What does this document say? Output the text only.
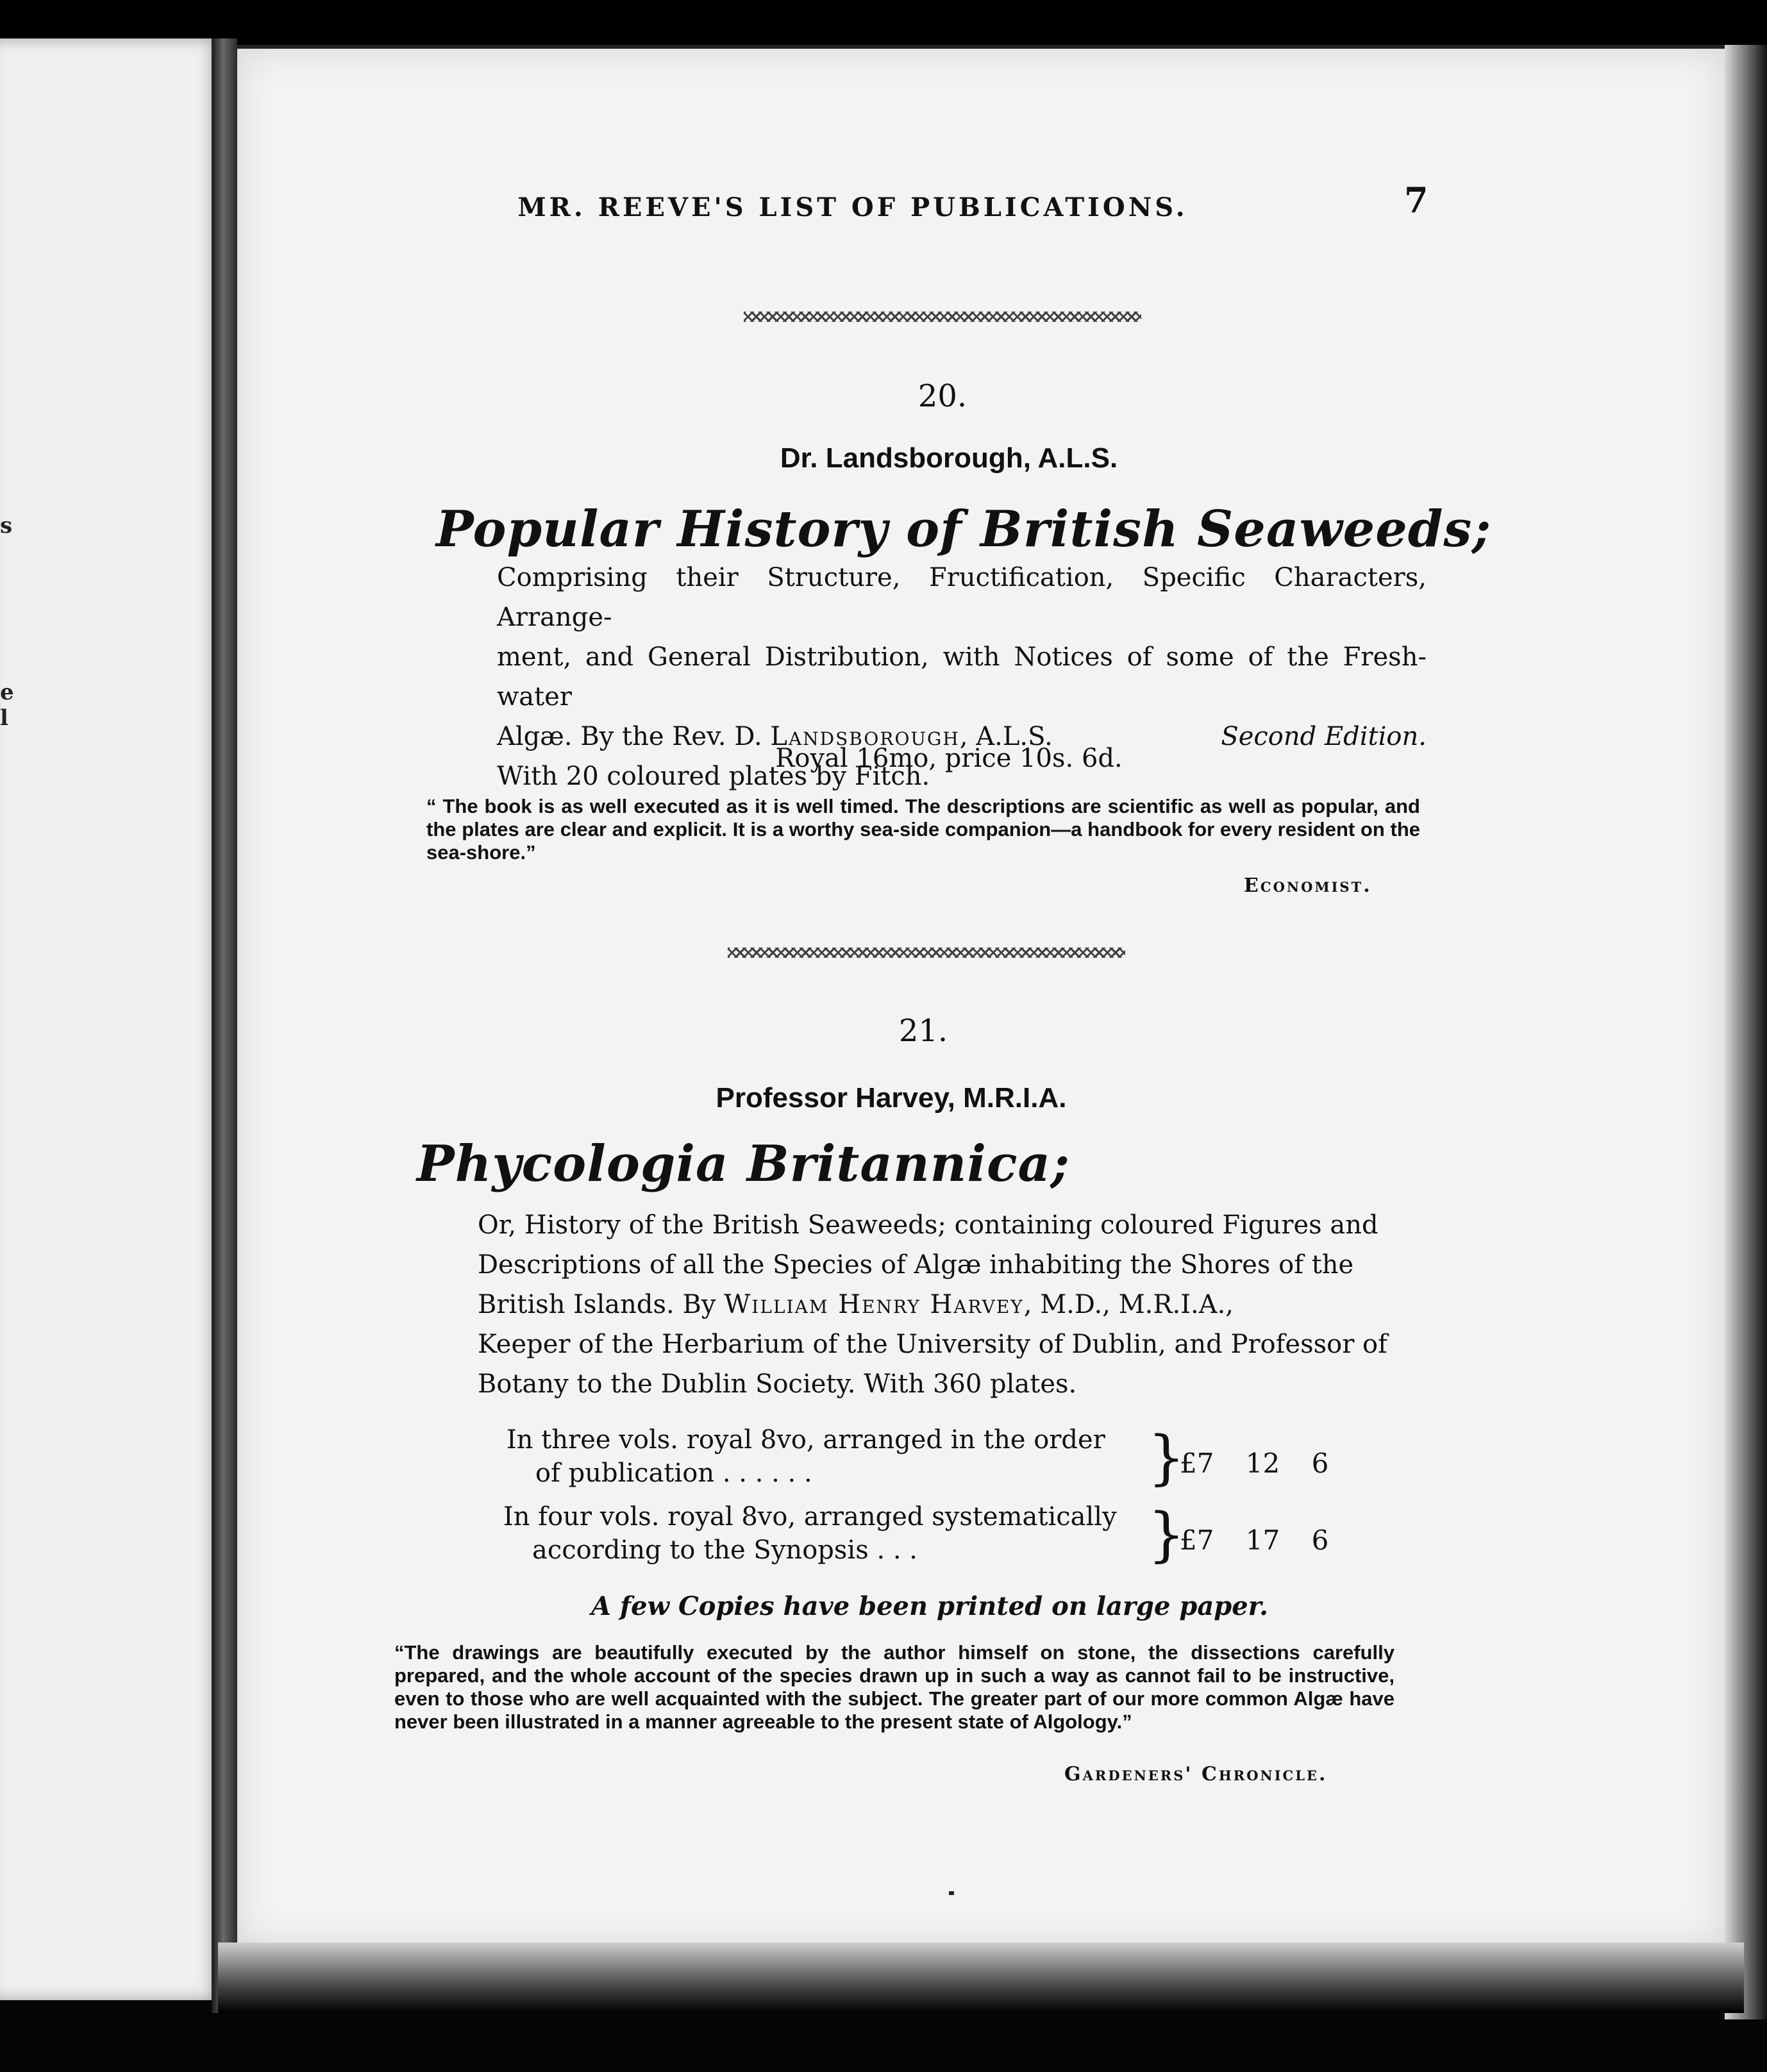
s
e
l
MR. REEVE'S LIST OF PUBLICATIONS.	7
20.
Dr. Landsborough, A.L.S.
Popular History of British Seaweeds;
Comprising their Structure, Fructification, Specific Characters, Arrange-
ment, and General Distribution, with Notices of some of the Fresh-water
Algæ. By the Rev. D. Landsborough, A.L.S.	Second Edition.
With 20 coloured plates by Fitch.
Royal 16mo, price 10s. 6d.
“ The book is as well executed as it is well timed. The descriptions are scientific as well as popular, and the plates are clear and explicit. It is a worthy sea-side companion—a handbook for every resident on the sea-shore.”
Economist.
21.
Professor Harvey, M.R.I.A.
Phycologia Britannica;
Or, History of the British Seaweeds; containing coloured Figures and
Descriptions of all the Species of Algæ inhabiting the Shores of the
British Islands. By William Henry Harvey, M.D., M.R.I.A.,
Keeper of the Herbarium of the University of Dublin, and Professor of
Botany to the Dublin Society. With 360 plates.
In three vols. royal 8vo, arranged in the order
of publication . . . . . .	}
£7 12 6
In four vols. royal 8vo, arranged systematically
according to the Synopsis . . .	}
£7 17 6
A few Copies have been printed on large paper.
“The drawings are beautifully executed by the author himself on stone, the dissections carefully prepared, and the whole account of the species drawn up in such a way as cannot fail to be instructive, even to those who are well acquainted with the subject. The greater part of our more common Algæ have never been illustrated in a manner agreeable to the present state of Algology.”
Gardeners' Chronicle.
